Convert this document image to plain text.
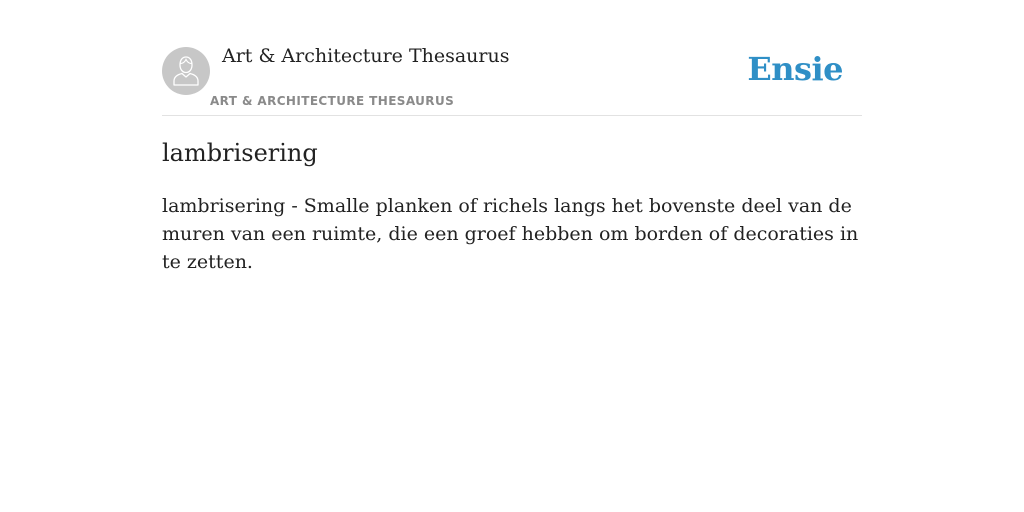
Art & Architecture Thesaurus
ART & ARCHITECTURE THESAURUS
Ensie
lambrisering

lambrisering - Smalle planken of richels langs het bovenste deel van de muren van een ruimte, die een groef hebben om borden of decoraties in te zetten.
